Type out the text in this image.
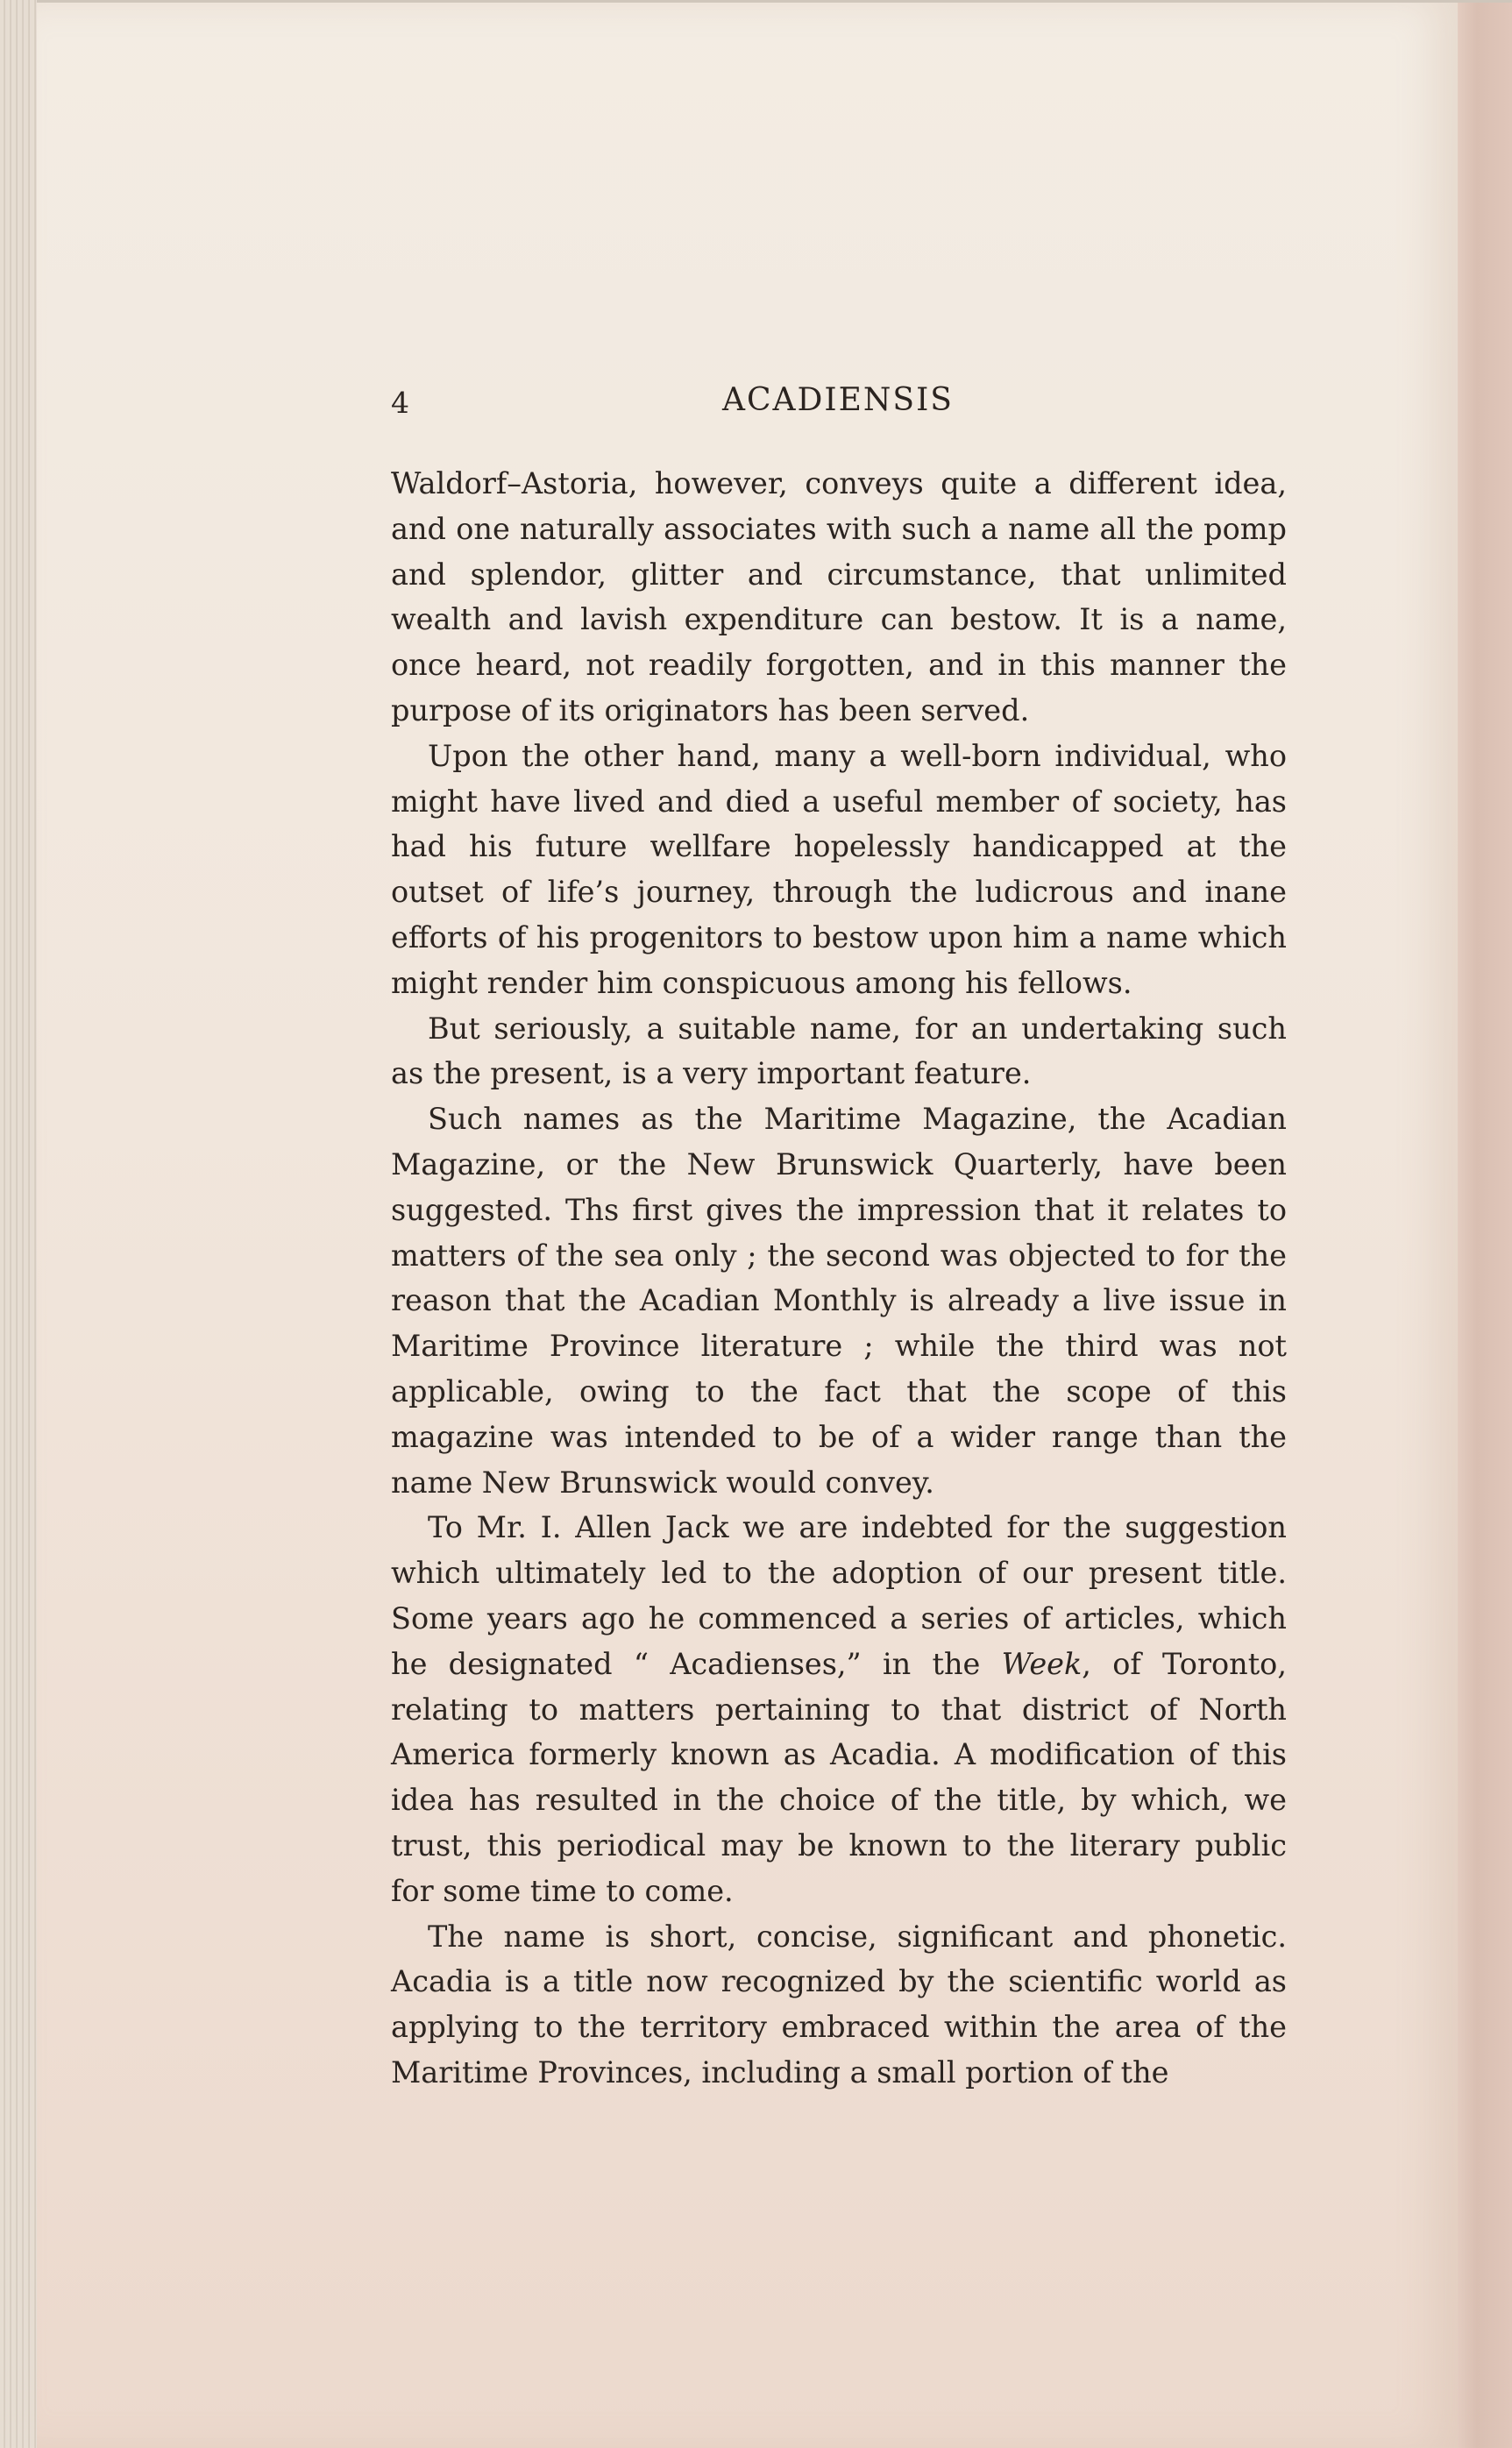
4	ACADIENSIS

Waldorf–Astoria, however, conveys quite a different idea, and one naturally associates with such a name all the pomp and splendor, glitter and circumstance, that unlimited wealth and lavish expenditure can bestow. It is a name, once heard, not readily forgotten, and in this manner the purpose of its originators has been served.

Upon the other hand, many a well-born individual, who might have lived and died a useful member of society, has had his future wellfare hopelessly handicapped at the outset of life’s journey, through the ludicrous and inane efforts of his progenitors to bestow upon him a name which might render him conspicuous among his fellows.

But seriously, a suitable name, for an undertaking such as the present, is a very important feature.

Such names as the Maritime Magazine, the Acadian Magazine, or the New Brunswick Quarterly, have been suggested. Ths first gives the impression that it relates to matters of the sea only ; the second was objected to for the reason that the Acadian Monthly is already a live issue in Maritime Province literature ; while the third was not applicable, owing to the fact that the scope of this magazine was intended to be of a wider range than the name New Brunswick would convey.

To Mr. I. Allen Jack we are indebted for the suggestion which ultimately led to the adoption of our present title. Some years ago he commenced a series of articles, which he designated “ Acadienses,” in the Week, of Toronto, relating to matters pertaining to that district of North America formerly known as Acadia. A modification of this idea has resulted in the choice of the title, by which, we trust, this periodical may be known to the literary public for some time to come.

The name is short, concise, significant and phonetic. Acadia is a title now recognized by the scientific world as applying to the territory embraced within the area of the Maritime Provinces, including a small portion of the
